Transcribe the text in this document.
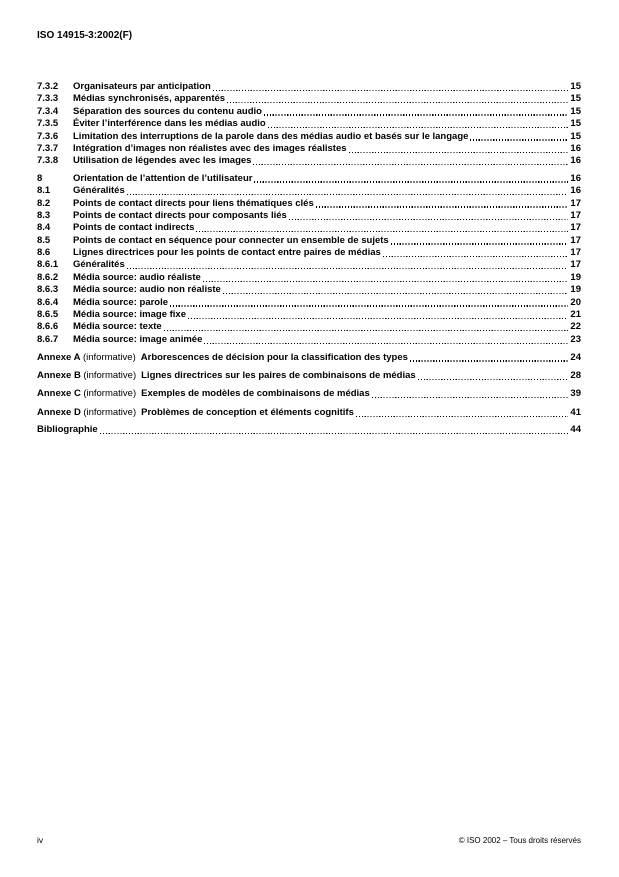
ISO 14915-3:2002(F)
7.3.2	Organisateurs par anticipation	15
7.3.3	Médias synchronisés, apparentés	15
7.3.4	Séparation des sources du contenu audio	15
7.3.5	Éviter l’interférence dans les médias audio	15
7.3.6	Limitation des interruptions de la parole dans des médias audio et basés sur le langage	15
7.3.7	Intégration d’images non réalistes avec des images réalistes	16
7.3.8	Utilisation de légendes avec les images	16
8	Orientation de l’attention de l’utilisateur	16
8.1	Généralités	16
8.2	Points de contact directs pour liens thématiques clés	17
8.3	Points de contact directs pour composants liés	17
8.4	Points de contact indirects	17
8.5	Points de contact en séquence pour connecter un ensemble de sujets	17
8.6	Lignes directrices pour les points de contact entre paires de médias	17
8.6.1	Généralités	17
8.6.2	Média source: audio réaliste	19
8.6.3	Média source: audio non réaliste	19
8.6.4	Média source: parole	20
8.6.5	Média source: image fixe	21
8.6.6	Média source: texte	22
8.6.7	Média source: image animée	23
Annexe A (informative) Arborescences de décision pour la classification des types	24
Annexe B (informative) Lignes directrices sur les paires de combinaisons de médias	28
Annexe C (informative) Exemples de modèles de combinaisons de médias	39
Annexe D (informative) Problèmes de conception et éléments cognitifs	41
Bibliographie	44
iv	© ISO 2002 – Tous droits réservés
